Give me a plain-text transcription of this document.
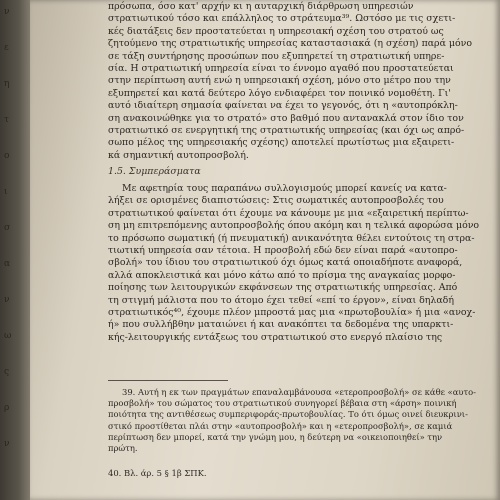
ν
ε
η
τ
ο
ι
σ
α
ν
ω
ς
ρ
ν
πρόσωπα, όσο κατ' αρχήν κι η αυταρχική διάρθρωση υπηρεσιών
στρατιωτικού τόσο και επάλληλος το στράτευμα³⁹. Ωστόσο με τις σχετι-
κές διατάξεις δεν προστατεύεται η υπηρεσιακή σχέση του στρατού ως
ζητούμενο της στρατιωτικής υπηρεσίας καταστασιακά (η σχέση) παρά μόνο
σε τάξη συντήρησης προσώπων που εξυπηρετεί τη στρατιωτική υπηρε-
σία. Η στρατιωτική υπηρεσία είναι το έννομο αγαθό που προστατεύεται
στην περίπτωση αυτή ενώ η υπηρεσιακή σχέση, μόνο στο μέτρο που την
εξυπηρετεί και κατά δεύτερο λόγο ενδιαφέρει τον ποινικό νομοθέτη. Γι'
αυτό ιδιαίτερη σημασία φαίνεται να έχει το γεγονός, ότι η «αυτοπρόκλη-
ση ανακοινώθηκε για το στρατό» στο βαθμό που αντανακλά στον ίδιο τον
στρατιωτικό σε ενεργητική της στρατιωτικής υπηρεσίας (και όχι ως απρό-
σωπο μέλος της υπηρεσιακής σχέσης) αποτελεί πρωτίστως μια εξαιρετι-
κά σημαντική αυτοπροσβολή.
1.5. Συμπεράσματα
Με αφετηρία τους παραπάνω συλλογισμούς μπορεί κανείς να κατα-
λήξει σε ορισμένες διαπιστώσεις: Στις σωματικές αυτοπροσβολές του
στρατιωτικού φαίνεται ότι έχουμε να κάνουμε με μια «εξαιρετική περίπτω-
ση μη επιτρεπόμενης αυτοπροσβολής όπου ακόμη και η τελικά αφορώσα μόνο
το πρόσωπο σωματική (ή πνευματική) ανικανότητα θέλει εντούτοις τη στρα-
τιωτική υπηρεσία σαν τέτοια. Η προσβολή εδώ δεν είναι παρά «αυτοπρο-
σβολή» του ίδιου του στρατιωτικού όχι όμως κατά οποιαδήποτε αναφορά,
αλλά αποκλειστικά και μόνο κάτω από το πρίσμα της αναγκαίας μορφο-
ποίησης των λειτουργικών εκφάνσεων της στρατιωτικής υπηρεσίας. Από
τη στιγμή μάλιστα που το άτομο έχει τεθεί «επί το έργον», είναι δηλαδή
στρατιωτικός⁴⁰, έχουμε πλέον μπροστά μας μια «πρωτοβουλία» ή μια «ανοχ-
ή» που συλλήβθην ματαιώνει ή και ανακόπτει τα δεδομένα της υπαρκτι-
κής-λειτουργικής εντάξεως του στρατιωτικού στο ενεργό πλαίσιο της
39. Αυτή η εκ των πραγμάτων επαναλαμβάνουσα «ετεροπροσβολή» σε κάθε «αυτο-
προσβολή» του σώματος του στρατιωτικού συνηγορεί βέβαια στη «άρση» ποινική
ποιότητα της αντιθέσεως συμπεριφοράς-πρωτοβουλίας. Το ότι όμως οινεί διευκρινι-
στικό προστίθεται πλάι στην «αυτοπροσβολή» και η «ετεροπροσβολή», σε καμιά
περίπτωση δεν μπορεί, κατά την γνώμη μου, η δεύτερη να «οικειοποιηθεί» την
πρώτη.
40. Βλ. άρ. 5 § 1β ΣΠΚ.
